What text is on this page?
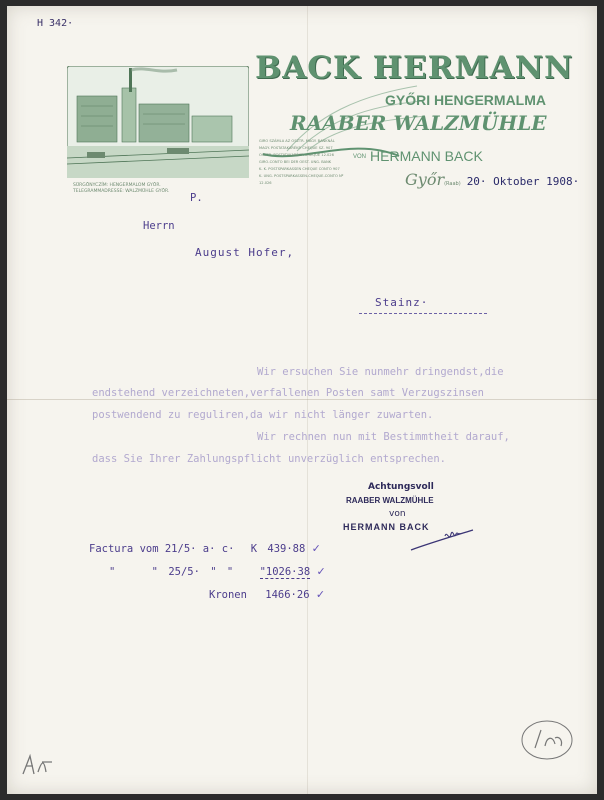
H 342·
SÜRGÖNYCZÍM: HENGERMALOM GYŐR.
TELEGRAMMADRESSE: WALZMÜHLE GYŐR.
BACK HERMANN
GYŐRI HENGERMALMA
RAABER WALZMÜHLE
GIRO SZÁMLA AZ OSZTR. MAGY. BANKNÁL
MAGY. POSTATAKARÉKP. CHEQUE SZ. 907
OSZTR. POSTATAKARÉKP. CHEQUE 12.026
GIRO-CONTO BEI DER OEST. UNG. BANK
K. K. POSTSPARKASSEN CHEQUE CONTO 907
K. UNG. POSTSPARKASSEN-CHEQUE-CONTO Nº 12.026
VON HERMANN BACK
Győr(Raab) 20· Oktober 1908·
P.
Herrn
August Hofer,
Stainz·
Wir ersuchen Sie nunmehr dringendst,die
endstehend verzeichneten,verfallenen Posten samt Verzugszinsen
postwendend zu reguliren,da wir nicht länger zuwarten.
Wir rechnen nun mit Bestimmtheit darauf,
dass Sie Ihrer Zahlungspflicht unverzüglich entsprechen.
Achtungsvoll
RAABER WALZMÜHLE
von
HERMANN BACK
Factura vom 21/5· a· c· K 439·88 ✓
"	" 25/5· " "	"1026·38 ✓
Kronen 1466·26 ✓
